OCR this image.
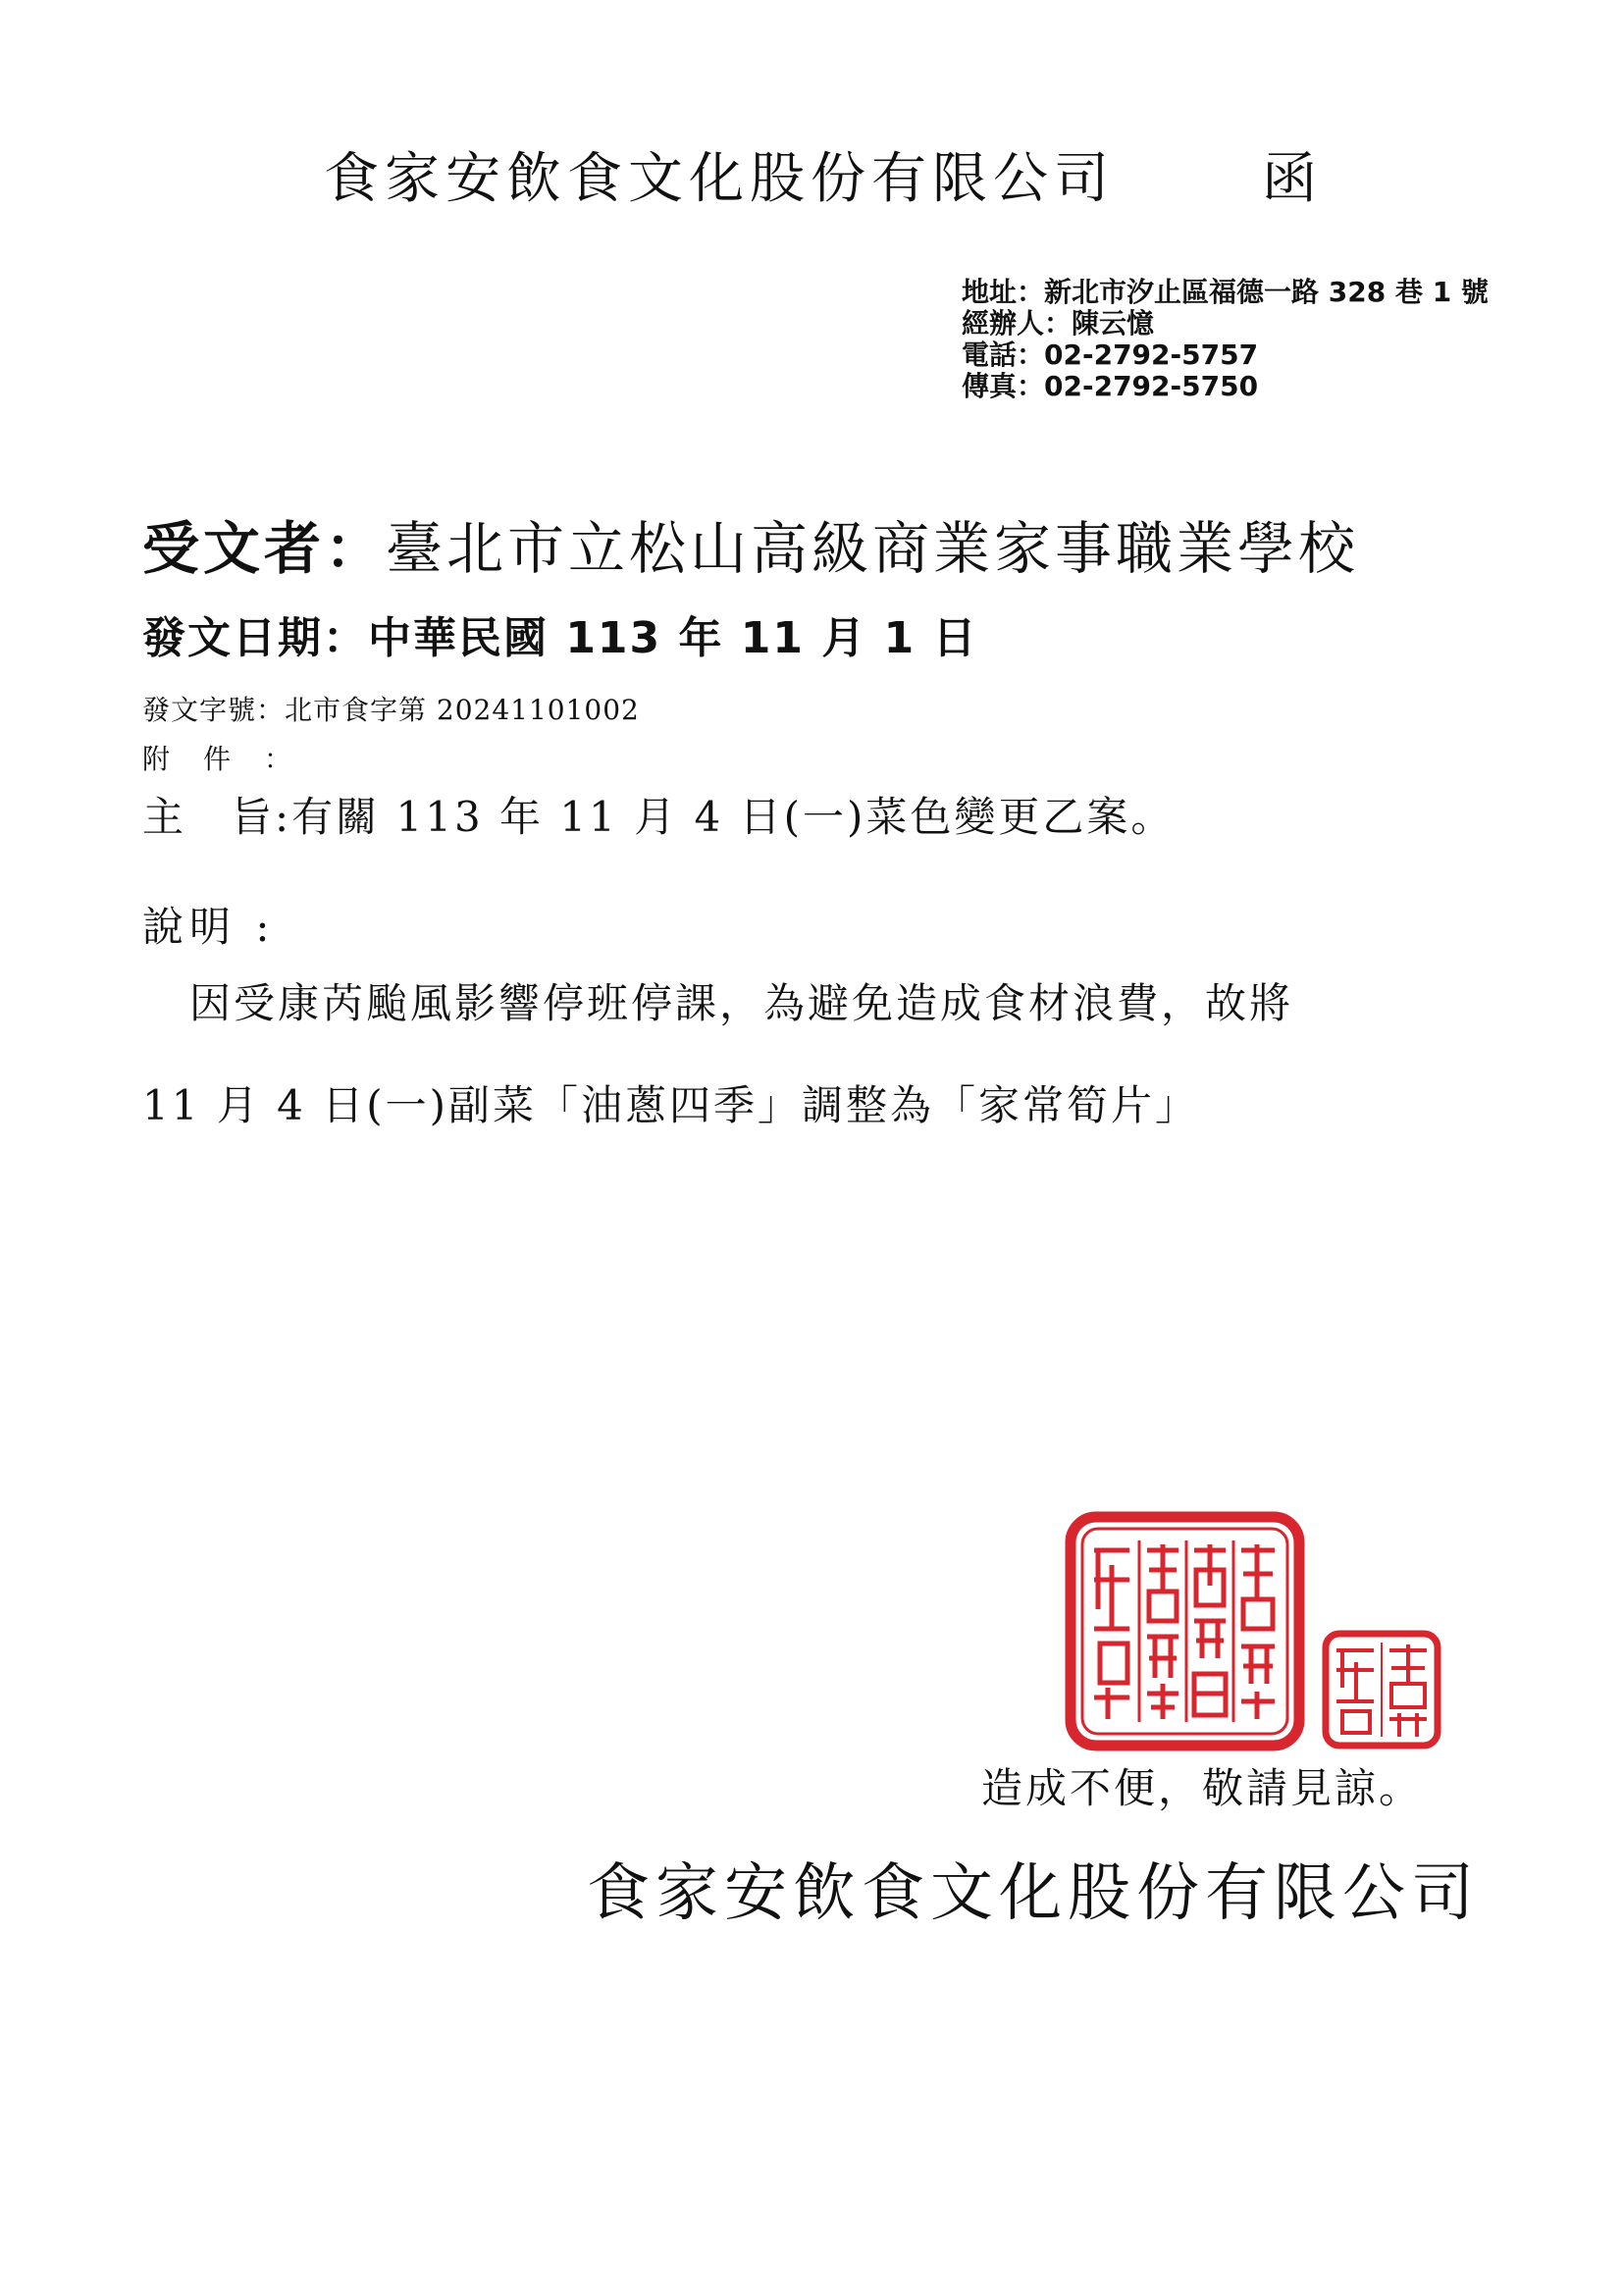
食家安飲食文化股份有限公司	函
地址：新北市汐止區福德一路 328 巷 1 號
經辦人：陳云憶
電話：02-2792-5757
傳真：02-2792-5750
受文者：臺北市立松山高級商業家事職業學校
發文日期：中華民國 113 年 11 月 1 日
發文字號：北市食字第 20241101002
附件：
主　旨:有關 113 年 11 月 4 日(一)菜色變更乙案。
說明 :
因受康芮颱風影響停班停課，為避免造成食材浪費，故將
11 月 4 日(一)副菜「油蔥四季」調整為「家常筍片」
造成不便，敬請見諒。
食家安飲食文化股份有限公司
